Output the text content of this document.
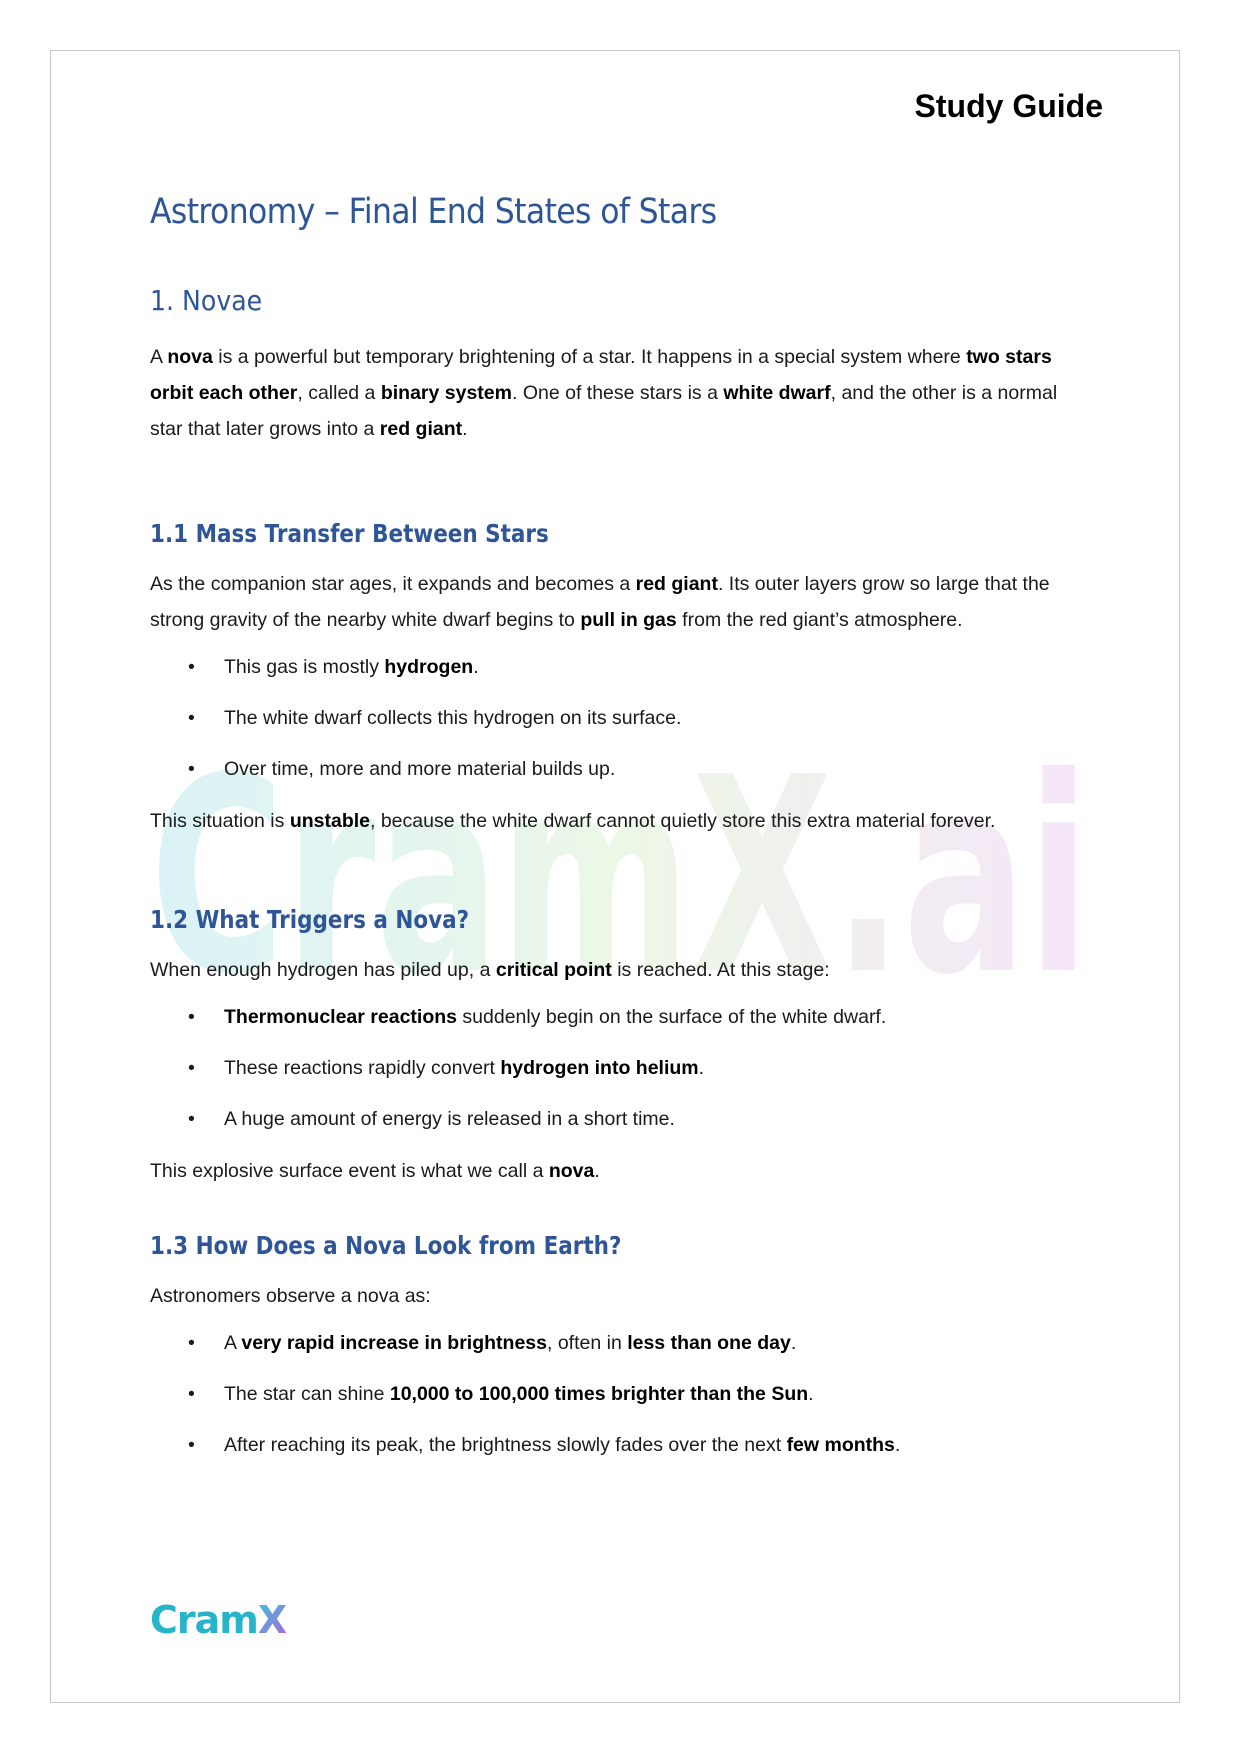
Study Guide
CramX.ai
Astronomy – Final End States of Stars
1. Novae

A nova is a powerful but temporary brightening of a star. It happens in a special system where two stars orbit each other, called a binary system. One of these stars is a white dwarf, and the other is a normal star that later grows into a red giant.

1.1 Mass Transfer Between Stars

As the companion star ages, it expands and becomes a red giant. Its outer layers grow so large that the strong gravity of the nearby white dwarf begins to pull in gas from the red giant’s atmosphere.

• This gas is mostly hydrogen.
• The white dwarf collects this hydrogen on its surface.
• Over time, more and more material builds up.

This situation is unstable, because the white dwarf cannot quietly store this extra material forever.

1.2 What Triggers a Nova?

When enough hydrogen has piled up, a critical point is reached. At this stage:

• Thermonuclear reactions suddenly begin on the surface of the white dwarf.
• These reactions rapidly convert hydrogen into helium.
• A huge amount of energy is released in a short time.

This explosive surface event is what we call a nova.

1.3 How Does a Nova Look from Earth?

Astronomers observe a nova as:

• A very rapid increase in brightness, often in less than one day.
• The star can shine 10,000 to 100,000 times brighter than the Sun.
• After reaching its peak, the brightness slowly fades over the next few months.
CramX
